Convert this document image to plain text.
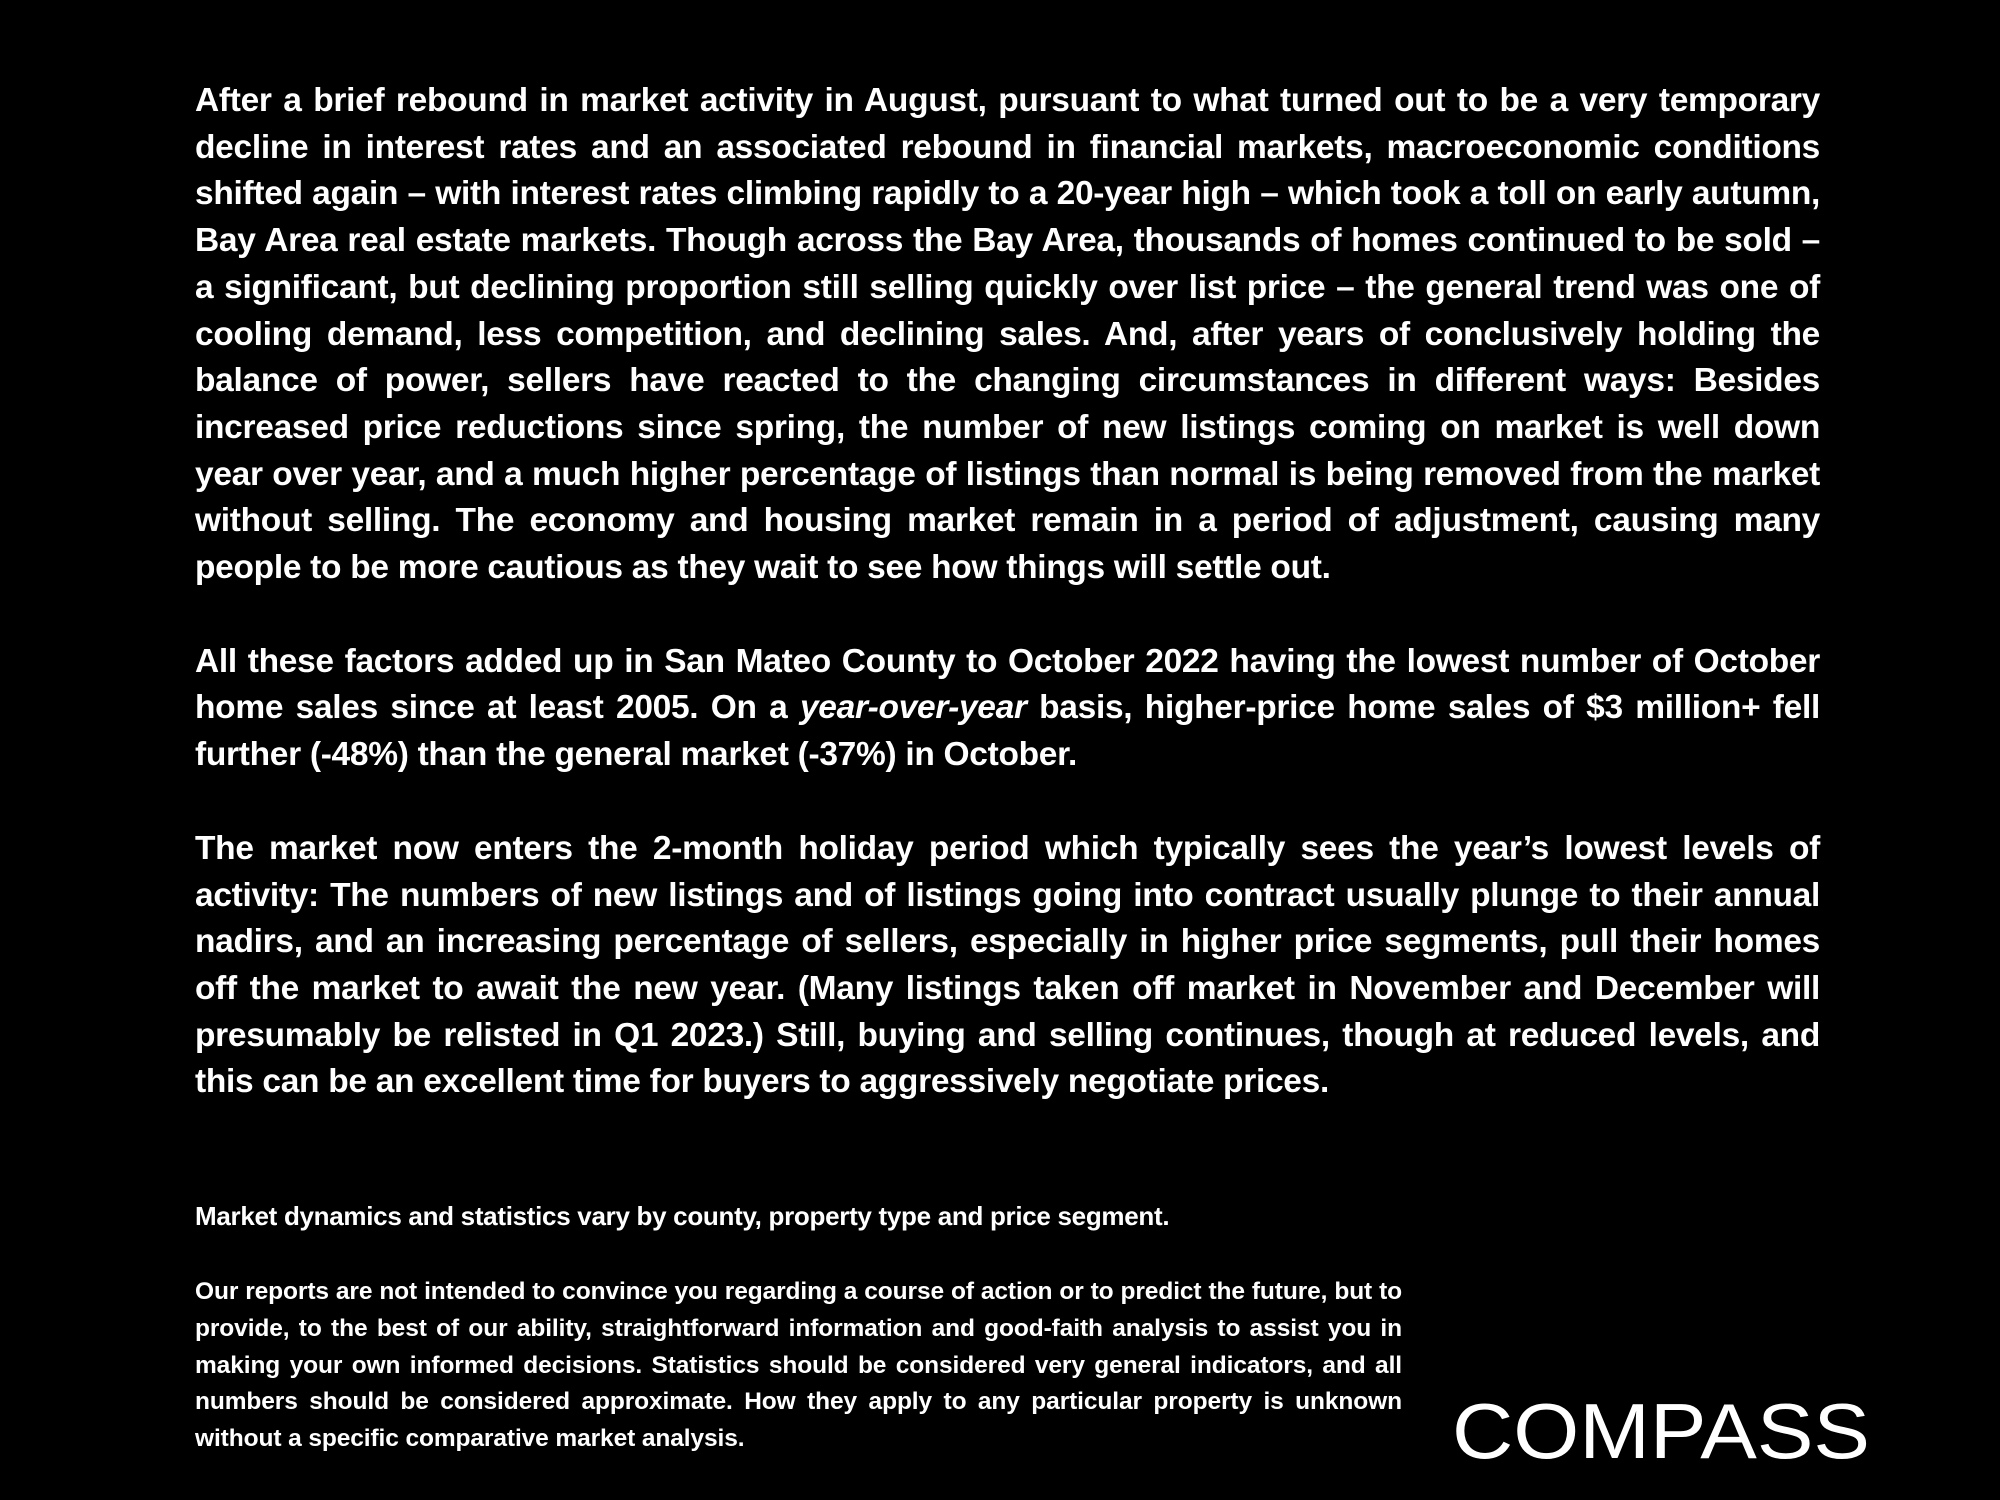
After a brief rebound in market activity in August, pursuant to what turned out to be a very temporary decline in interest rates and an associated rebound in financial markets, macroeconomic conditions shifted again – with interest rates climbing rapidly to a 20-year high – which took a toll on early autumn, Bay Area real estate markets. Though across the Bay Area, thousands of homes continued to be sold – a significant, but declining proportion still selling quickly over list price – the general trend was one of cooling demand, less competition, and declining sales. And, after years of conclusively holding the balance of power, sellers have reacted to the changing circumstances in different ways: Besides increased price reductions since spring, the number of new listings coming on market is well down year over year, and a much higher percentage of listings than normal is being removed from the market without selling. The economy and housing market remain in a period of adjustment, causing many people to be more cautious as they wait to see how things will settle out.

All these factors added up in San Mateo County to October 2022 having the lowest number of October home sales since at least 2005. On a year-over-year basis, higher-price home sales of $3 million+ fell further (-48%) than the general market (-37%) in October.

The market now enters the 2-month holiday period which typically sees the year’s lowest levels of activity: The numbers of new listings and of listings going into contract usually plunge to their annual nadirs, and an increasing percentage of sellers, especially in higher price segments, pull their homes off the market to await the new year. (Many listings taken off market in November and December will presumably be relisted in Q1 2023.) Still, buying and selling continues, though at reduced levels, and this can be an excellent time for buyers to aggressively negotiate prices.

Market dynamics and statistics vary by county, property type and price segment.
Our reports are not intended to convince you regarding a course of action or to predict the future, but to provide, to the best of our ability, straightforward information and good-faith analysis to assist you in making your own informed decisions. Statistics should be considered very general indicators, and all numbers should be considered approximate. How they apply to any particular property is unknown without a specific comparative market analysis.	COMPASS
